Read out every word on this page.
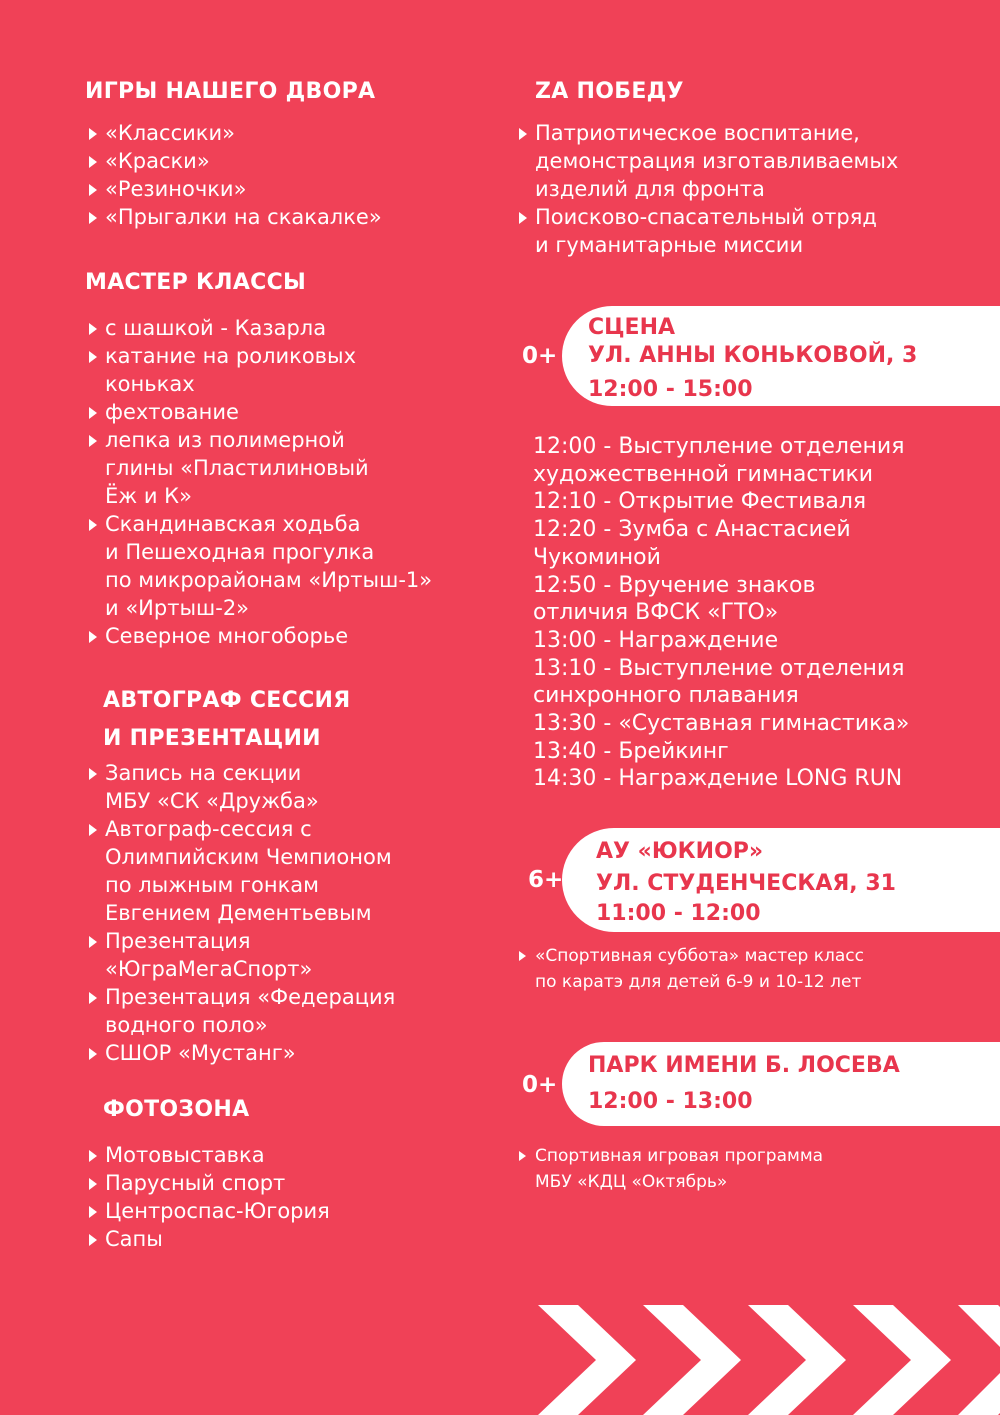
ИГРЫ НАШЕГО ДВОРА
«Классики»
«Краски»
«Резиночки»
«Прыгалки на скакалке»
МАСТЕР КЛАССЫ
с шашкой - Казарла
катание на роликовых
коньках
фехтование
лепка из полимерной
глины «Пластилиновый
Ёж и К»
Скандинавская ходьба
и Пешеходная прогулка
по микрорайонам «Иртыш-1»
и «Иртыш-2»
Северное многоборье
АВТОГРАФ СЕССИЯ
И ПРЕЗЕНТАЦИИ
Запись на секции
МБУ «СК «Дружба»
Автограф-сессия с
Олимпийским Чемпионом
по лыжным гонкам
Евгением Дементьевым
Презентация
«ЮграМегаСпорт»
Презентация «Федерация
водного поло»
СШОР «Мустанг»
ФОТОЗОНА
Мотовыставка
Парусный спорт
Центроспас-Югория
Сапы
ZA ПОБЕДУ
Патриотическое воспитание,
демонстрация изготавливаемых
изделий для фронта
Поисково-спасательный отряд
и гуманитарные миссии
СЦЕНА
УЛ. АННЫ КОНЬКОВОЙ, 3
12:00 - 15:00
0+
12:00 - Выступление отделения
художественной гимнастики
12:10 - Открытие Фестиваля
12:20 - Зумба с Анастасией
Чукоминой
12:50 - Вручение знаков
отличия ВФСК «ГТО»
13:00 - Награждение
13:10 - Выступление отделения
синхронного плавания
13:30 - «Суставная гимнастика»
13:40 - Брейкинг
14:30 - Награждение LONG RUN
АУ «ЮКИОР»
УЛ. СТУДЕНЧЕСКАЯ, 31
11:00 - 12:00
6+
«Спортивная суббота» мастер класс
по каратэ для детей 6-9 и 10-12 лет
ПАРК ИМЕНИ Б. ЛОСЕВА
12:00 - 13:00
0+
Спортивная игровая программа
МБУ «КДЦ «Октябрь»
